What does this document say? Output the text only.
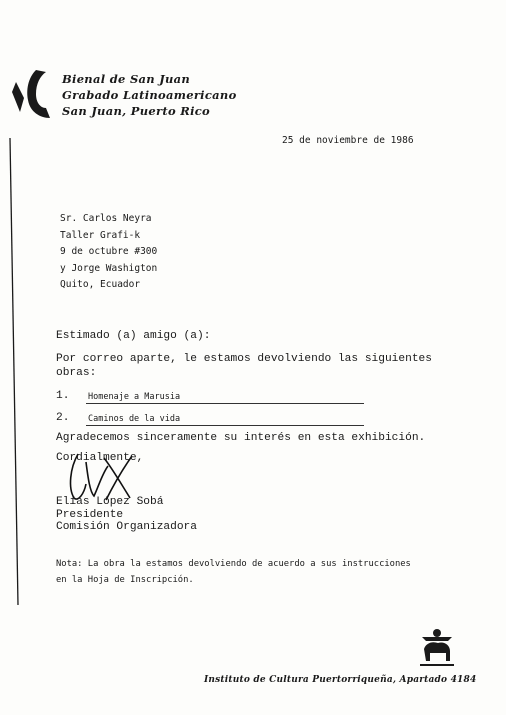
Bienal de San Juan
Grabado Latinoamericano
San Juan, Puerto Rico
25 de noviembre de 1986
Sr. Carlos Neyra
Taller Grafi-k
9 de octubre #300
y Jorge Washigton
Quito, Ecuador
Estimado (a) amigo (a):
Por correo aparte, le estamos devolviendo las siguientes
obras:
1. Homenaje a Marusia
2. Caminos de la vida
Agradecemos sinceramente su interés en esta exhibición.
Cordialmente,
Elías López Sobá
Presidente
Comisión Organizadora
Nota: La obra la estamos devolviendo de acuerdo a sus instrucciones
en la Hoja de Inscripción.
Instituto de Cultura Puertorriqueña, Apartado 4184
